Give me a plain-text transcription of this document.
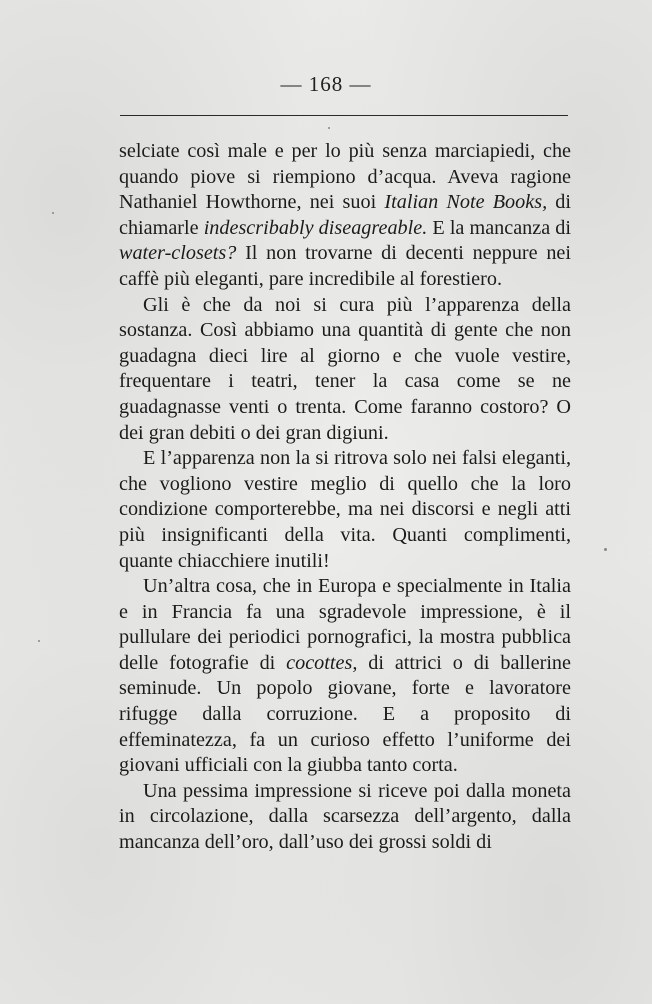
— 168 —

selciate così male e per lo più senza marciapiedi, che quando piove si riempiono d’acqua. Aveva ragione Nathaniel Howthorne, nei suoi Italian Note Books, di chiamarle indescribably diseagreable. E la mancanza di water-closets? Il non trovarne di decenti neppure nei caffè più eleganti, pare incredibile al forestiero.

Gli è che da noi si cura più l’apparenza della sostanza. Così abbiamo una quantità di gente che non guadagna dieci lire al giorno e che vuole vestire, frequentare i teatri, tener la casa come se ne guadagnasse venti o trenta. Come faranno costoro? O dei gran debiti o dei gran digiuni.

E l’apparenza non la si ritrova solo nei falsi eleganti, che vogliono vestire meglio di quello che la loro condizione comporterebbe, ma nei discorsi e negli atti più insignificanti della vita. Quanti complimenti, quante chiacchiere inutili!

Un’altra cosa, che in Europa e specialmente in Italia e in Francia fa una sgradevole impressione, è il pullulare dei periodici pornografici, la mostra pubblica delle fotografie di cocottes, di attrici o di ballerine seminude. Un popolo giovane, forte e lavoratore rifugge dalla corruzione. E a proposito di effeminatezza, fa un curioso effetto l’uniforme dei giovani ufficiali con la giubba tanto corta.

Una pessima impressione si riceve poi dalla moneta in circolazione, dalla scarsezza dell’argento, dalla mancanza dell’oro, dall’uso dei grossi soldi di
